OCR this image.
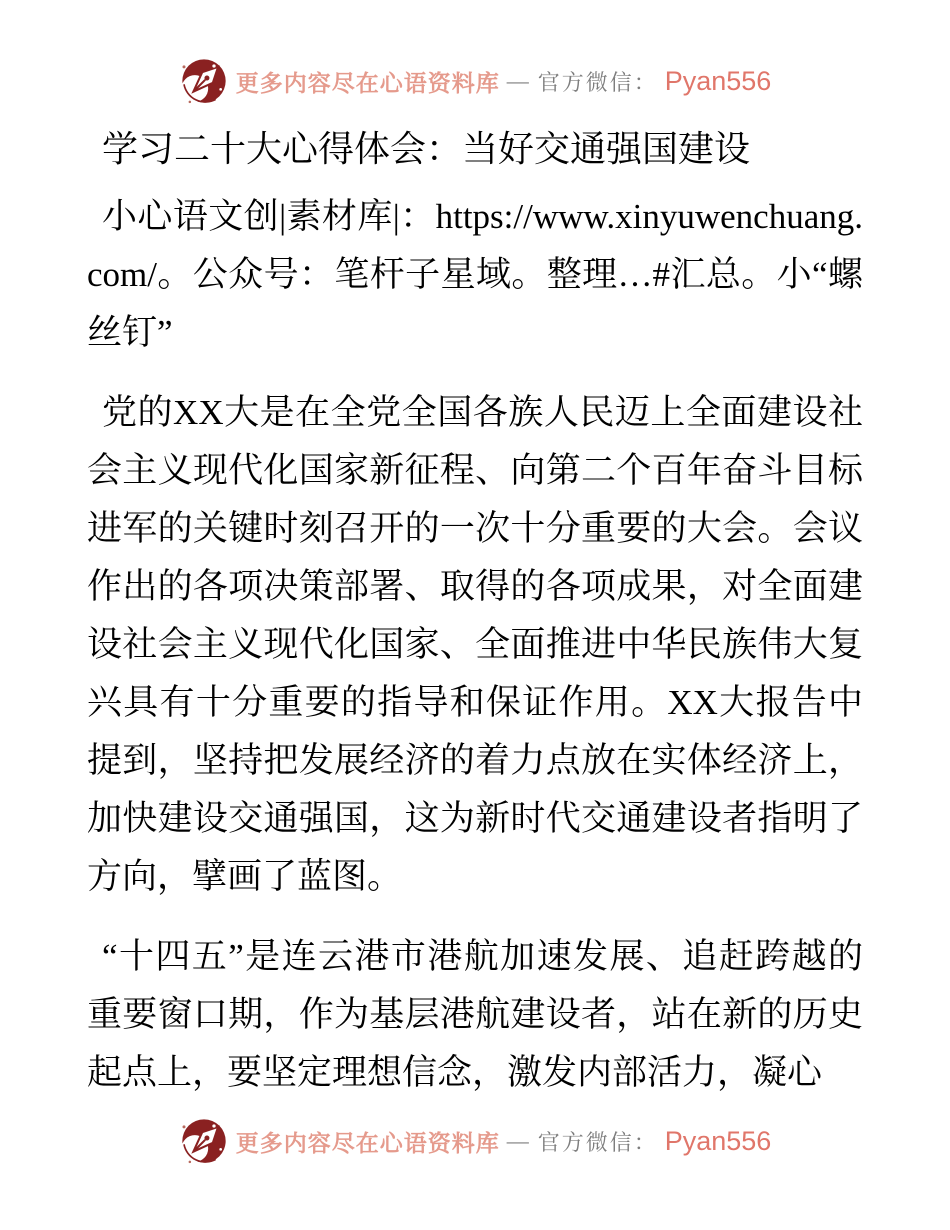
更多内容尽在心语资料库 — 官方微信： Pyan556
学习二十大心得体会：当好交通强国建设

小心语文创|素材库|：https://www.xinyuwenchuang.com/。公众号：笔杆子星域。整理…#汇总。小“螺丝钉”

党的XX大是在全党全国各族人民迈上全面建设社会主义现代化国家新征程、向第二个百年奋斗目标进军的关键时刻召开的一次十分重要的大会。会议作出的各项决策部署、取得的各项成果，对全面建设社会主义现代化国家、全面推进中华民族伟大复兴具有十分重要的指导和保证作用。XX大报告中提到，坚持把发展经济的着力点放在实体经济上，加快建设交通强国，这为新时代交通建设者指明了方向，擘画了蓝图。

“十四五”是连云港市港航加速发展、追赶跨越的重要窗口期，作为基层港航建设者，站在新的历史起点上，要坚定理想信念，激发内部活力，凝心

更多内容尽在心语资料库 — 官方微信： Pyan556
